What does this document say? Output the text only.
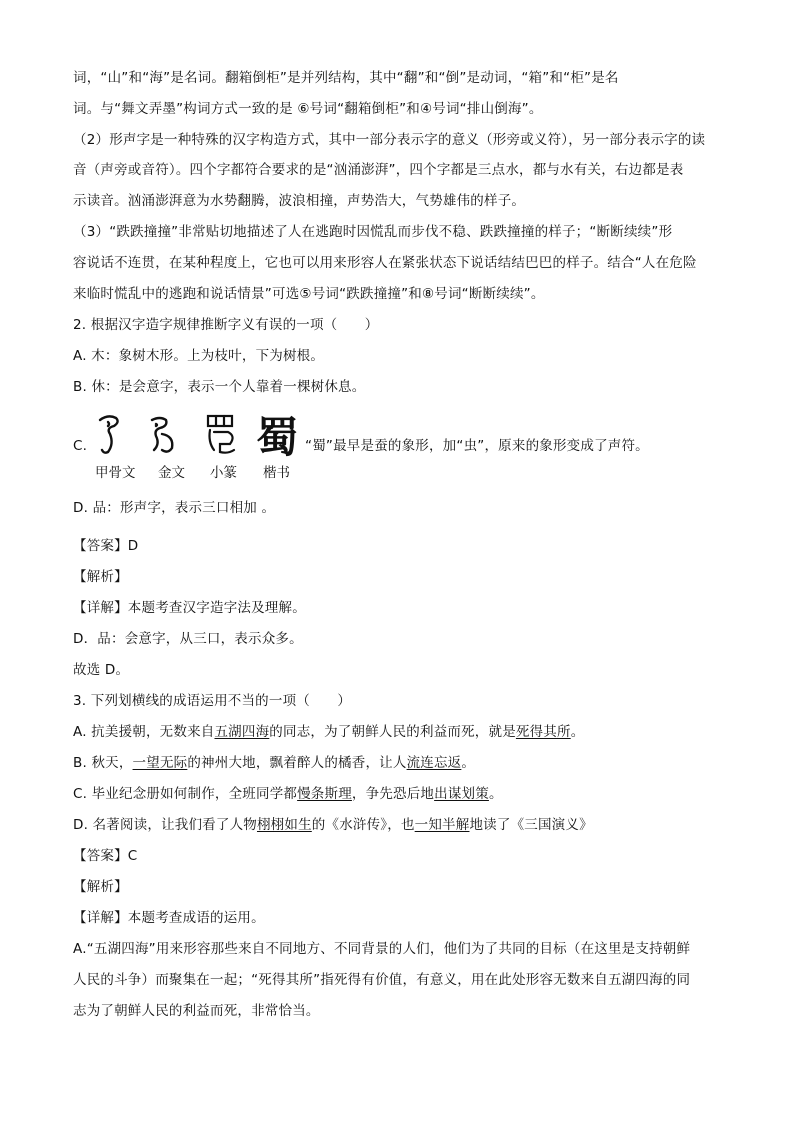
词，“山”和“海”是名词。翻箱倒柜”是并列结构，其中“翻”和“倒”是动词，“箱”和“柜”是名
词。与“舞文弄墨”构词方式一致的是 ⑥号词“翻箱倒柜”和④号词“排山倒海”。
（2）形声字是一种特殊的汉字构造方式，其中一部分表示字的意义（形旁或义符），另一部分表示字的读
音（声旁或音符）。四个字都符合要求的是“汹涌澎湃”，四个字都是三点水，都与水有关，右边都是表
示读音。汹涌澎湃意为水势翻腾，波浪相撞，声势浩大，气势雄伟的样子。
（3）“跌跌撞撞”非常贴切地描述了人在逃跑时因慌乱而步伐不稳、跌跌撞撞的样子；“断断续续”形
容说话不连贯，在某种程度上，它也可以用来形容人在紧张状态下说话结结巴巴的样子。结合“人在危险
来临时慌乱中的逃跑和说话情景”可选⑤号词“跌跌撞撞”和⑧号词“断断续续”。
2. 根据汉字造字规律推断字义有误的一项（　　）
A. 木：象树木形。上为枝叶，下为树根。
B. 休：是会意字，表示一个人靠着一棵树休息。
C.	蜀 “蜀”最早是蚕的象形，加“虫”，原来的象形变成了声符。
甲骨文 金文 小篆 楷书
D. 品：形声字，表示三口相加 。
【答案】D
【解析】
【详解】本题考查汉字造字法及理解。
D．品：会意字，从三口，表示众多。
故选 D。
3. 下列划横线的成语运用不当的一项（　　）
A. 抗美援朝，无数来自五湖四海的同志，为了朝鲜人民的利益而死，就是死得其所。
B. 秋天，一望无际的神州大地，飘着醉人的橘香，让人流连忘返。
C. 毕业纪念册如何制作，全班同学都慢条斯理，争先恐后地出谋划策。
D. 名著阅读，让我们看了人物栩栩如生的《水浒传》，也一知半解地读了《三国演义》
【答案】C
【解析】
【详解】本题考查成语的运用。
A.“五湖四海”用来形容那些来自不同地方、不同背景的人们，他们为了共同的目标（在这里是支持朝鲜
人民的斗争）而聚集在一起；“死得其所”指死得有价值，有意义，用在此处形容无数来自五湖四海的同
志为了朝鲜人民的利益而死，非常恰当。
